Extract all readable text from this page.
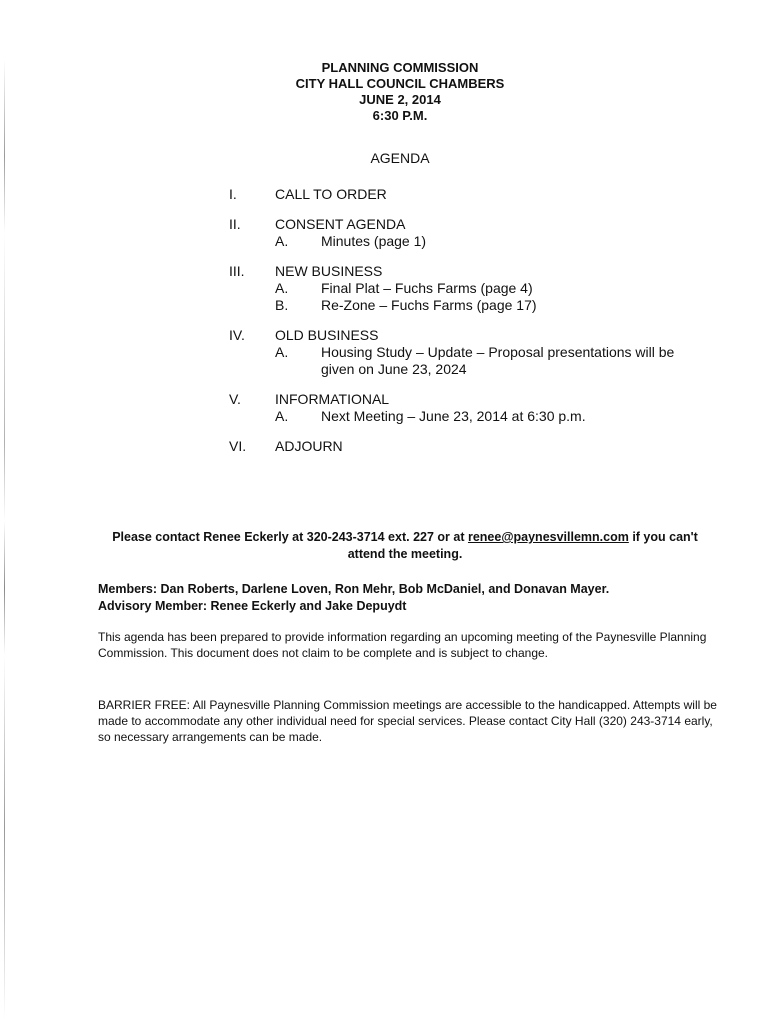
PLANNING COMMISSION
CITY HALL COUNCIL CHAMBERS
JUNE 2, 2014
6:30 P.M.
AGENDA
I.	CALL TO ORDER
II.	CONSENT AGENDA
A.	Minutes (page 1)
III.	NEW BUSINESS
A.	Final Plat – Fuchs Farms (page 4)
B.	Re-Zone – Fuchs Farms (page 17)
IV.	OLD BUSINESS
A.	Housing Study – Update – Proposal presentations will be given on June 23, 2024
V.	INFORMATIONAL
A.	Next Meeting – June 23, 2014 at 6:30 p.m.
VI.	ADJOURN
Please contact Renee Eckerly at 320-243-3714 ext. 227 or at renee@paynesvillemn.com if you can't attend the meeting.
Members: Dan Roberts, Darlene Loven, Ron Mehr, Bob McDaniel, and Donavan Mayer.
Advisory Member: Renee Eckerly and Jake Depuydt
This agenda has been prepared to provide information regarding an upcoming meeting of the Paynesville Planning Commission. This document does not claim to be complete and is subject to change.
BARRIER FREE: All Paynesville Planning Commission meetings are accessible to the handicapped. Attempts will be made to accommodate any other individual need for special services. Please contact City Hall (320) 243-3714 early, so necessary arrangements can be made.
